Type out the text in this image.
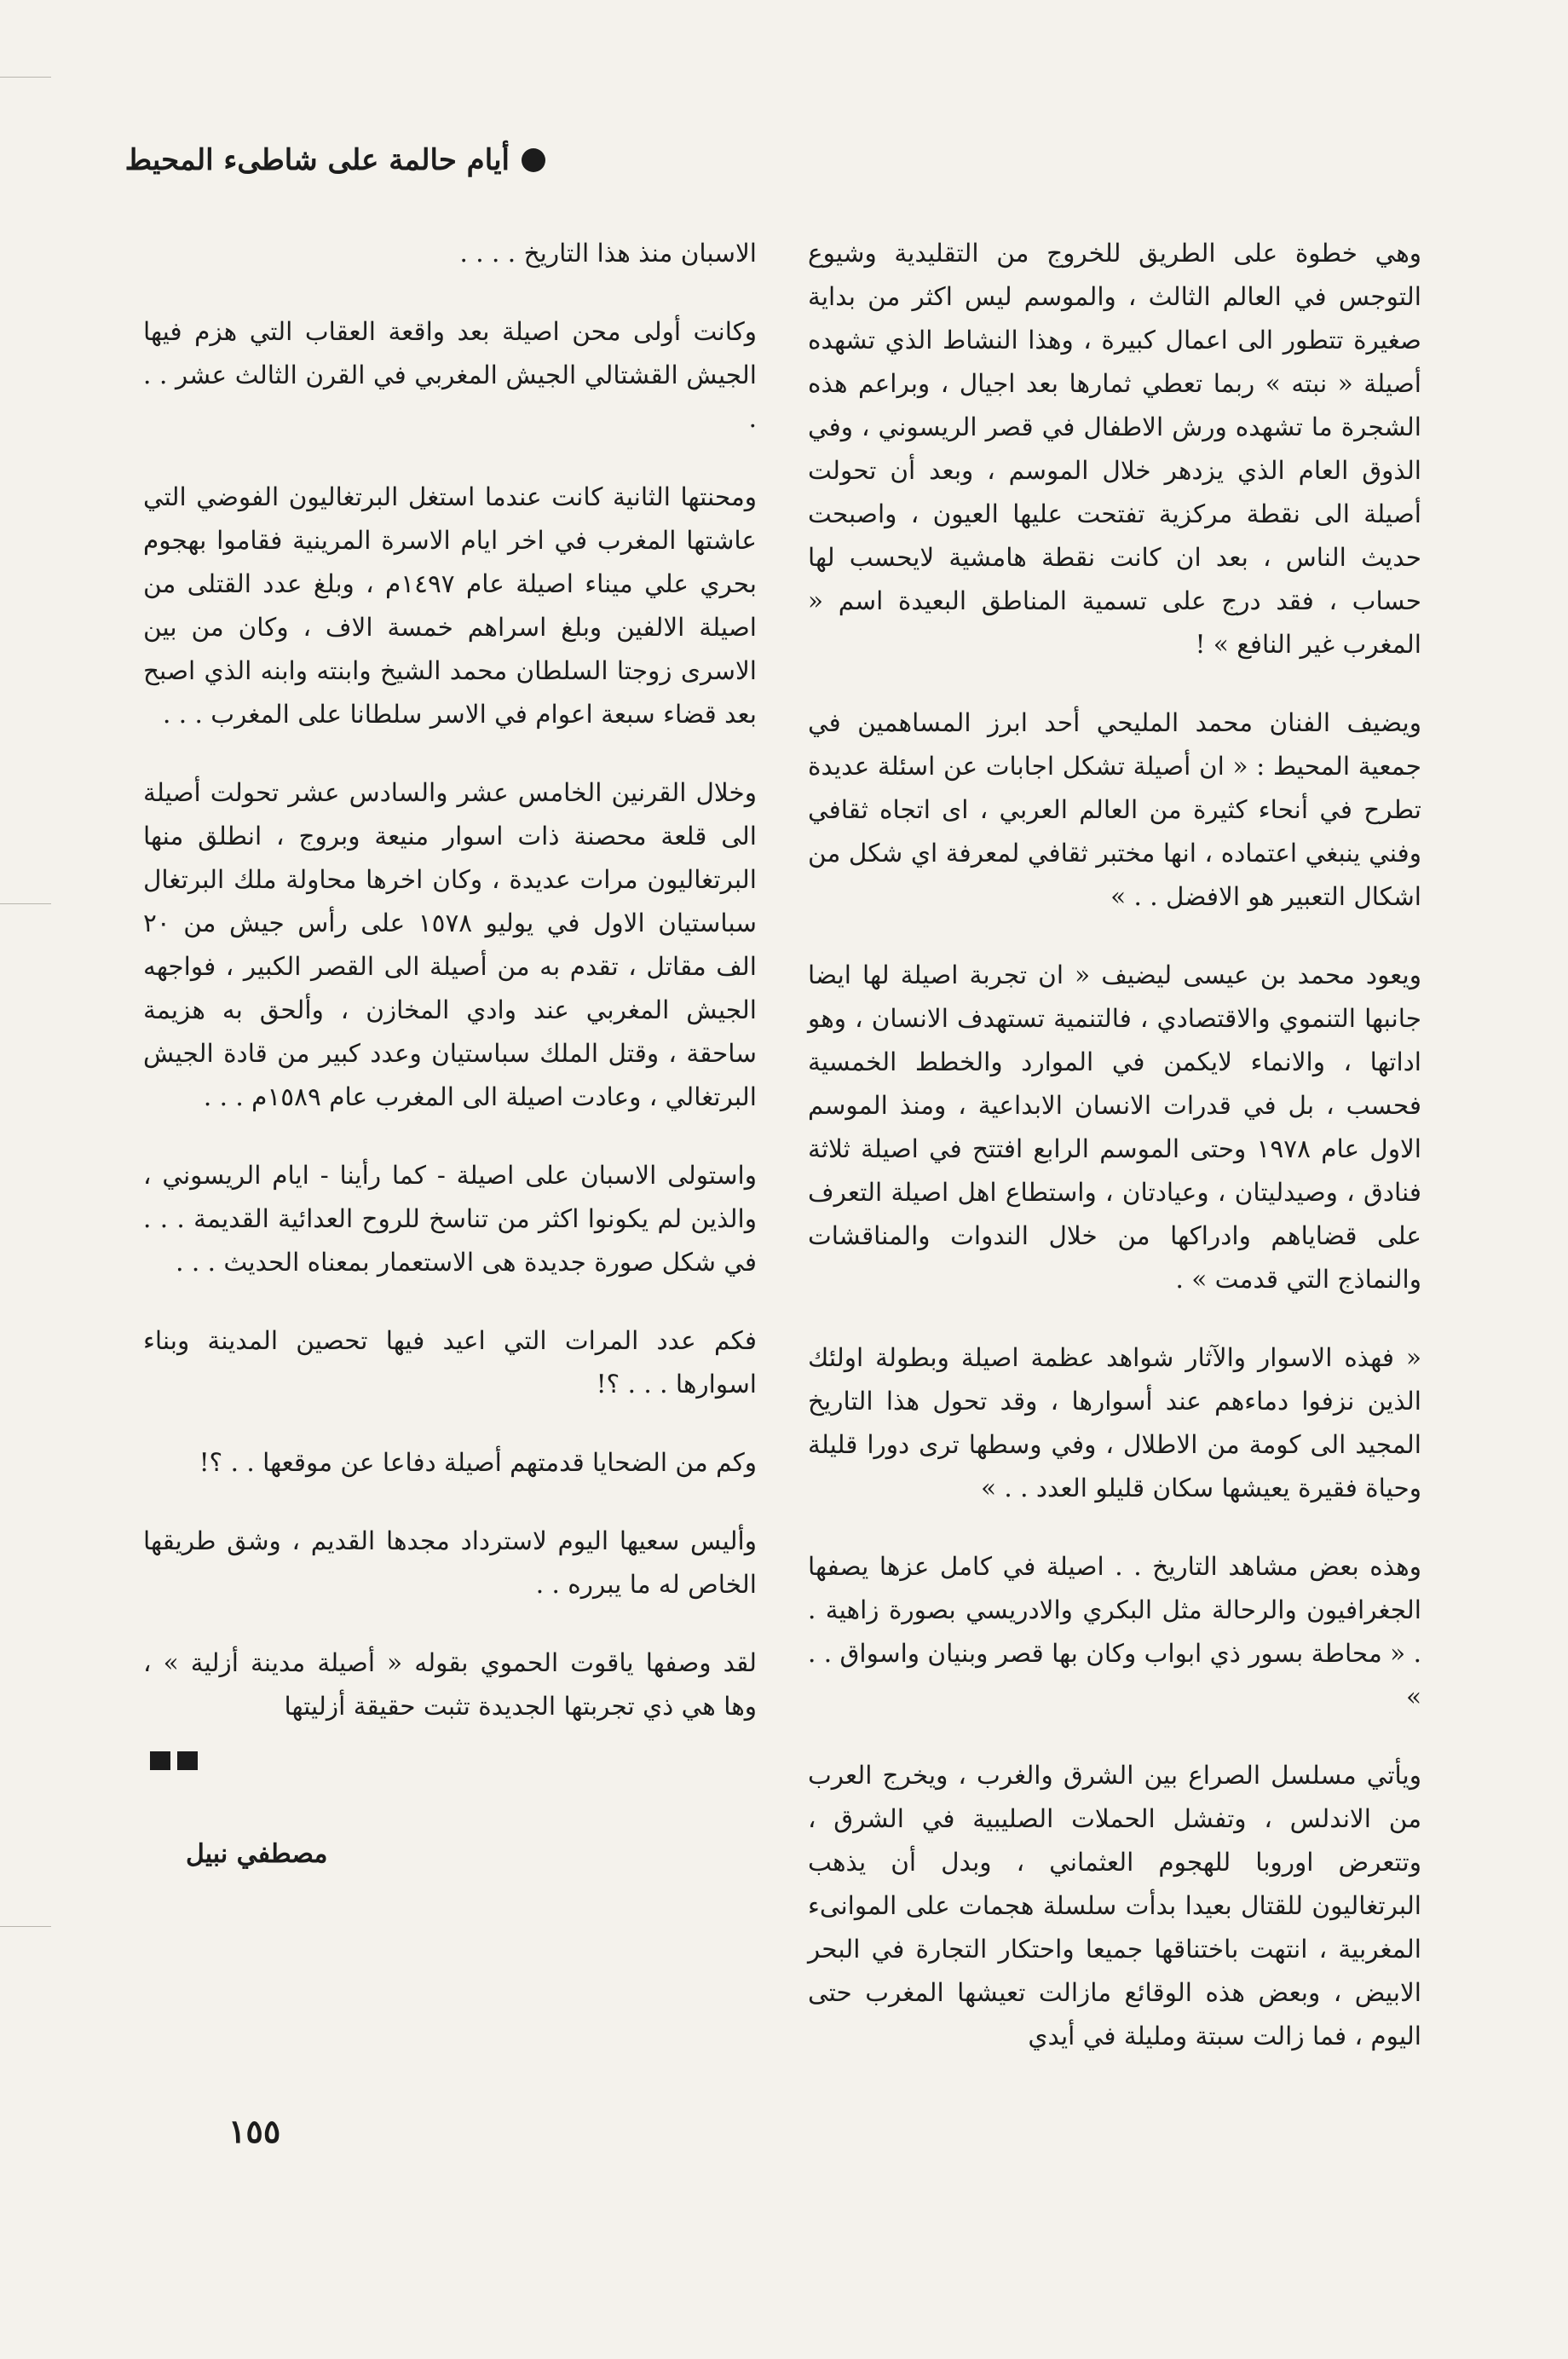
أيام حالمة على شاطىء المحيط

وهي خطوة على الطريق للخروج من التقليدية وشيوع التوجس في العالم الثالث ، والموسم ليس اكثر من بداية صغيرة تتطور الى اعمال كبيرة ، وهذا النشاط الذي تشهده أصيلة « نبته » ربما تعطي ثمارها بعد اجيال ، وبراعم هذه الشجرة ما تشهده ورش الاطفال في قصر الريسوني ، وفي الذوق العام الذي يزدهر خلال الموسم ، وبعد أن تحولت أصيلة الى نقطة مركزية تفتحت عليها العيون ، واصبحت حديث الناس ، بعد ان كانت نقطة هامشية لايحسب لها حساب ، فقد درج على تسمية المناطق البعيدة اسم « المغرب غير النافع » !

ويضيف الفنان محمد المليحي أحد ابرز المساهمين في جمعية المحيط : « ان أصيلة تشكل اجابات عن اسئلة عديدة تطرح في أنحاء كثيرة من العالم العربي ، اى اتجاه ثقافي وفني ينبغي اعتماده ، انها مختبر ثقافي لمعرفة اي شكل من اشكال التعبير هو الافضل . . »

ويعود محمد بن عيسى ليضيف « ان تجربة اصيلة لها ايضا جانبها التنموي والاقتصادي ، فالتنمية تستهدف الانسان ، وهو اداتها ، والانماء لايكمن في الموارد والخطط الخمسية فحسب ، بل في قدرات الانسان الابداعية ، ومنذ الموسم الاول عام ١٩٧٨ وحتى الموسم الرابع افتتح في اصيلة ثلاثة فنادق ، وصيدليتان ، وعيادتان ، واستطاع اهل اصيلة التعرف على قضاياهم وادراكها من خلال الندوات والمناقشات والنماذج التي قدمت » .

« فهذه الاسوار والآثار شواهد عظمة اصيلة وبطولة اولئك الذين نزفوا دماءهم عند أسوارها ، وقد تحول هذا التاريخ المجيد الى كومة من الاطلال ، وفي وسطها ترى دورا قليلة وحياة فقيرة يعيشها سكان قليلو العدد . . »

وهذه بعض مشاهد التاريخ . . اصيلة في كامل عزها يصفها الجغرافيون والرحالة مثل البكري والادريسي بصورة زاهية . . « محاطة بسور ذي ابواب وكان بها قصر وبنيان واسواق . . »

ويأتي مسلسل الصراع بين الشرق والغرب ، ويخرج العرب من الاندلس ، وتفشل الحملات الصليبية في الشرق ، وتتعرض اوروبا للهجوم العثماني ، وبدل أن يذهب البرتغاليون للقتال بعيدا بدأت سلسلة هجمات على الموانىء المغربية ، انتهت باختناقها جميعا واحتكار التجارة في البحر الابيض ، وبعض هذه الوقائع مازالت تعيشها المغرب حتى اليوم ، فما زالت سبتة ومليلة في أيدي

الاسبان منذ هذا التاريخ . . . .

وكانت أولى محن اصيلة بعد واقعة العقاب التي هزم فيها الجيش القشتالي الجيش المغربي في القرن الثالث عشر . . .

ومحنتها الثانية كانت عندما استغل البرتغاليون الفوضي التي عاشتها المغرب في اخر ايام الاسرة المرينية فقاموا بهجوم بحري علي ميناء اصيلة عام ١٤٩٧م ، وبلغ عدد القتلى من اصيلة الالفين وبلغ اسراهم خمسة الاف ، وكان من بين الاسرى زوجتا السلطان محمد الشيخ وابنته وابنه الذي اصبح بعد قضاء سبعة اعوام في الاسر سلطانا على المغرب . . .

وخلال القرنين الخامس عشر والسادس عشر تحولت أصيلة الى قلعة محصنة ذات اسوار منيعة وبروج ، انطلق منها البرتغاليون مرات عديدة ، وكان اخرها محاولة ملك البرتغال سباستيان الاول في يوليو ١٥٧٨ على رأس جيش من ٢٠ الف مقاتل ، تقدم به من أصيلة الى القصر الكبير ، فواجهه الجيش المغربي عند وادي المخازن ، وألحق به هزيمة ساحقة ، وقتل الملك سباستيان وعدد كبير من قادة الجيش البرتغالي ، وعادت اصيلة الى المغرب عام ١٥٨٩م . . .

واستولى الاسبان على اصيلة - كما رأينا - ايام الريسوني ، والذين لم يكونوا اكثر من تناسخ للروح العدائية القديمة . . . في شكل صورة جديدة هى الاستعمار بمعناه الحديث . . .

فكم عدد المرات التي اعيد فيها تحصين المدينة وبناء اسوارها . . . ؟!

وكم من الضحايا قدمتهم أصيلة دفاعا عن موقعها . . ؟!

وأليس سعيها اليوم لاسترداد مجدها القديم ، وشق طريقها الخاص له ما يبرره . .

لقد وصفها ياقوت الحموي بقوله « أصيلة مدينة أزلية » ، وها هي ذي تجربتها الجديدة تثبت حقيقة أزليتها

مصطفي نبيل
١٥٥
